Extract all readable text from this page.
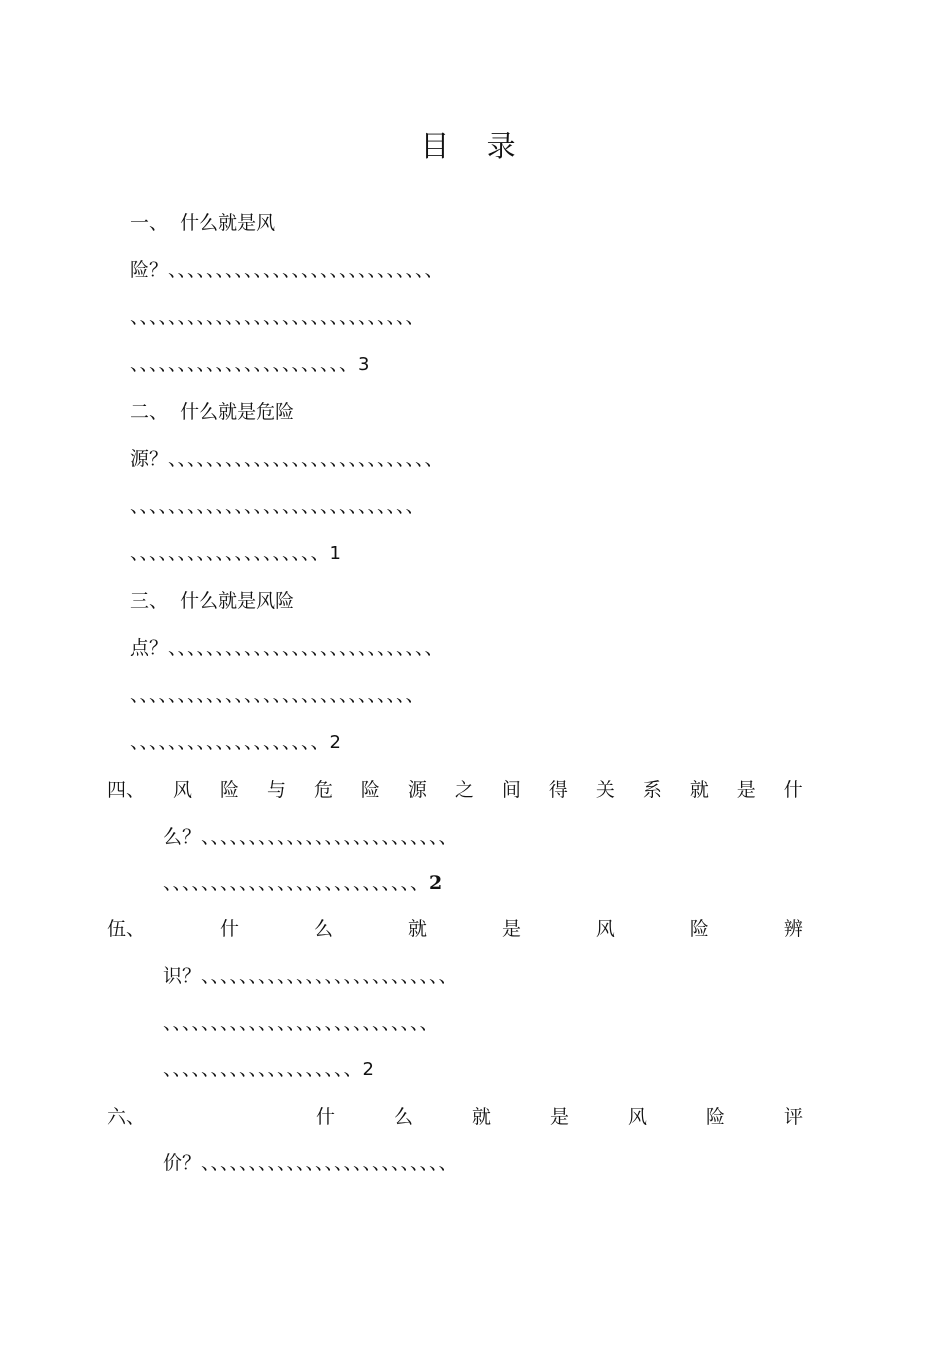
目 录
一、 什么就是风
险？、、、、、、、、、、、、、、、、、、、、、、、、、、、、
、、、、、、、、、、、、、、、、、、、、、、、、、、、、、、
、、、、、、、、、、、、、、、、、、、、、、、3
二、 什么就是危险
源？、、、、、、、、、、、、、、、、、、、、、、、、、、、、
、、、、、、、、、、、、、、、、、、、、、、、、、、、、、、
、、、、、、、、、、、、、、、、、、、、1
三、 什么就是风险
点？、、、、、、、、、、、、、、、、、、、、、、、、、、、、
、、、、、、、、、、、、、、、、、、、、、、、、、、、、、、
、、、、、、、、、、、、、、、、、、、、2
四、 风 险 与 危 险 源 之 间 得 关 系 就 是 什
么？、、、、、、、、、、、、、、、、、、、、、、、、、、
、、、、、、、、、、、、、、、、、、、、、、、、、、、2
伍、	什	么	就	是	风	险	辨
识？、、、、、、、、、、、、、、、、、、、、、、、、、、
、、、、、、、、、、、、、、、、、、、、、、、、、、、、
、、、、、、、、、、、、、、、、、、、、2
六、	什	么	就	是	风	险	评
价？、、、、、、、、、、、、、、、、、、、、、、、、、、
